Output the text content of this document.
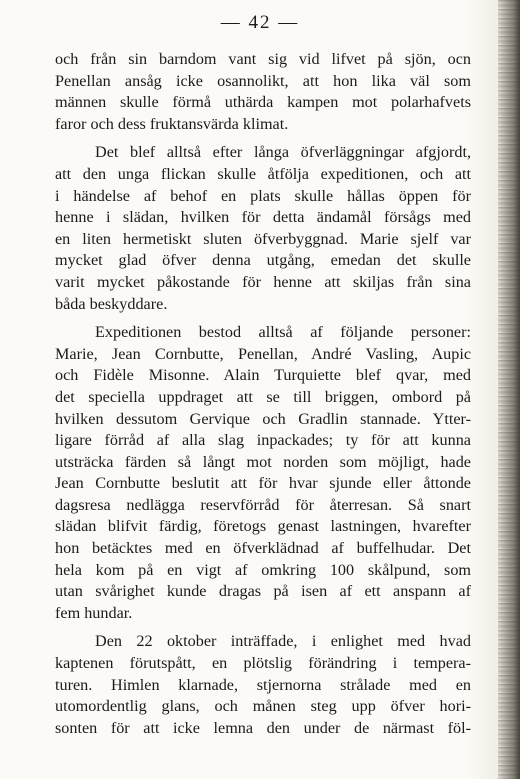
— 42 —

och från sin barndom vant sig vid lifvet på sjön, ocn
Penellan ansåg icke osannolikt, att hon lika väl som
männen skulle förmå uthärda kampen mot polarhafvets
faror och dess fruktansvärda klimat.

Det blef alltså efter långa öfverläggningar afgjordt,
att den unga flickan skulle åtfölja expeditionen, och att
i händelse af behof en plats skulle hållas öppen för
henne i slädan, hvilken för detta ändamål försågs med
en liten hermetiskt sluten öfverbyggnad. Marie sjelf var
mycket glad öfver denna utgång, emedan det skulle
varit mycket påkostande för henne att skiljas från sina
båda beskyddare.

Expeditionen bestod alltså af följande personer:
Marie, Jean Cornbutte, Penellan, André Vasling, Aupic
och Fidèle Misonne. Alain Turquiette blef qvar, med
det speciella uppdraget att se till briggen, ombord på
hvilken dessutom Gervique och Gradlin stannade. Ytter-
ligare förråd af alla slag inpackades; ty för att kunna
utsträcka färden så långt mot norden som möjligt, hade
Jean Cornbutte beslutit att för hvar sjunde eller åttonde
dagsresa nedlägga reservförråd för återresan. Så snart
slädan blifvit färdig, företogs genast lastningen, hvarefter
hon betäcktes med en öfverklädnad af buffelhudar. Det
hela kom på en vigt af omkring 100 skålpund, som
utan svårighet kunde dragas på isen af ett anspann af
fem hundar.

Den 22 oktober inträffade, i enlighet med hvad
kaptenen förutspått, en plötslig förändring i tempera-
turen. Himlen klarnade, stjernorna strålade med en
utomordentlig glans, och månen steg upp öfver hori-
sonten för att icke lemna den under de närmast föl-
